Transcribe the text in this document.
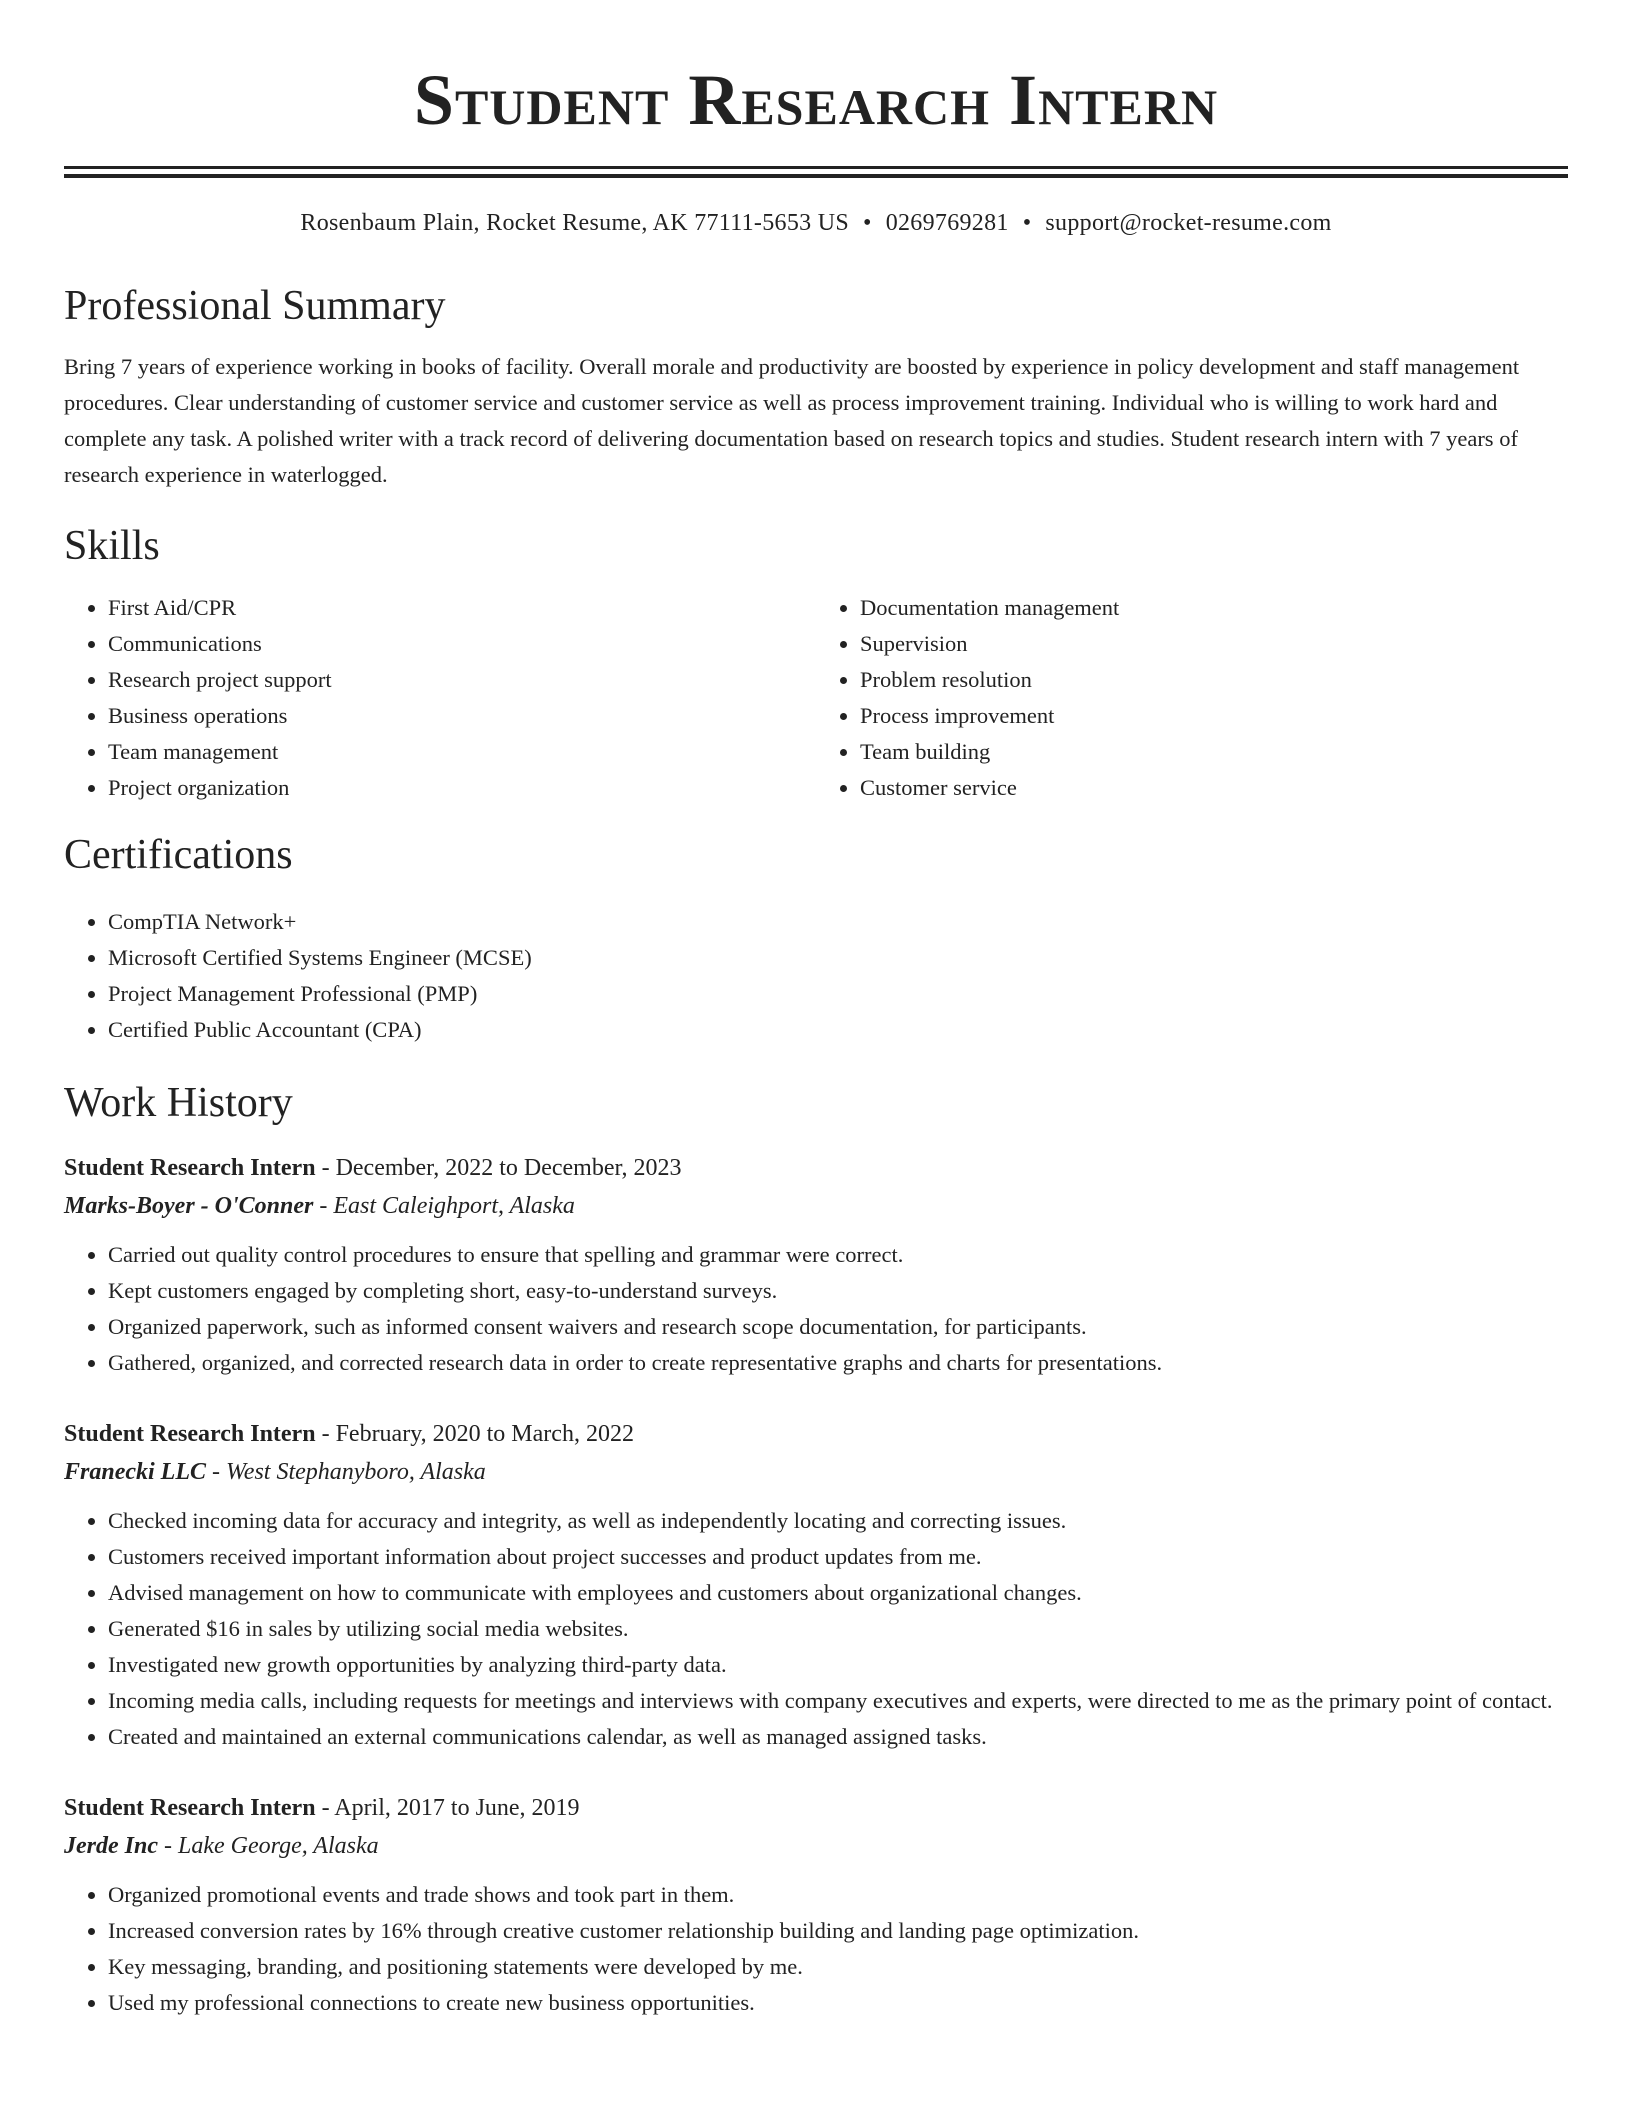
Student Research Intern
Rosenbaum Plain, Rocket Resume, AK 77111-5653 US • 0269769281 • support@rocket-resume.com
Professional Summary

Bring 7 years of experience working in books of facility. Overall morale and productivity are boosted by experience in policy development and staff management procedures. Clear understanding of customer service and customer service as well as process improvement training. Individual who is willing to work hard and complete any task. A polished writer with a track record of delivering documentation based on research topics and studies. Student research intern with 7 years of research experience in waterlogged.

Skills
• First Aid/CPR
• Communications
• Research project support
• Business operations
• Team management
• Project organization
• Documentation management
• Supervision
• Problem resolution
• Process improvement
• Team building
• Customer service
Certifications
• CompTIA Network+
• Microsoft Certified Systems Engineer (MCSE)
• Project Management Professional (PMP)
• Certified Public Accountant (CPA)
Work History
Student Research Intern - December, 2022 to December, 2023
Marks-Boyer - O'Conner - East Caleighport, Alaska
• Carried out quality control procedures to ensure that spelling and grammar were correct.
• Kept customers engaged by completing short, easy-to-understand surveys.
• Organized paperwork, such as informed consent waivers and research scope documentation, for participants.
• Gathered, organized, and corrected research data in order to create representative graphs and charts for presentations.
Student Research Intern - February, 2020 to March, 2022
Franecki LLC - West Stephanyboro, Alaska
• Checked incoming data for accuracy and integrity, as well as independently locating and correcting issues.
• Customers received important information about project successes and product updates from me.
• Advised management on how to communicate with employees and customers about organizational changes.
• Generated $16 in sales by utilizing social media websites.
• Investigated new growth opportunities by analyzing third-party data.
• Incoming media calls, including requests for meetings and interviews with company executives and experts, were directed to me as the primary point of contact.
• Created and maintained an external communications calendar, as well as managed assigned tasks.
Student Research Intern - April, 2017 to June, 2019
Jerde Inc - Lake George, Alaska
• Organized promotional events and trade shows and took part in them.
• Increased conversion rates by 16% through creative customer relationship building and landing page optimization.
• Key messaging, branding, and positioning statements were developed by me.
• Used my professional connections to create new business opportunities.
